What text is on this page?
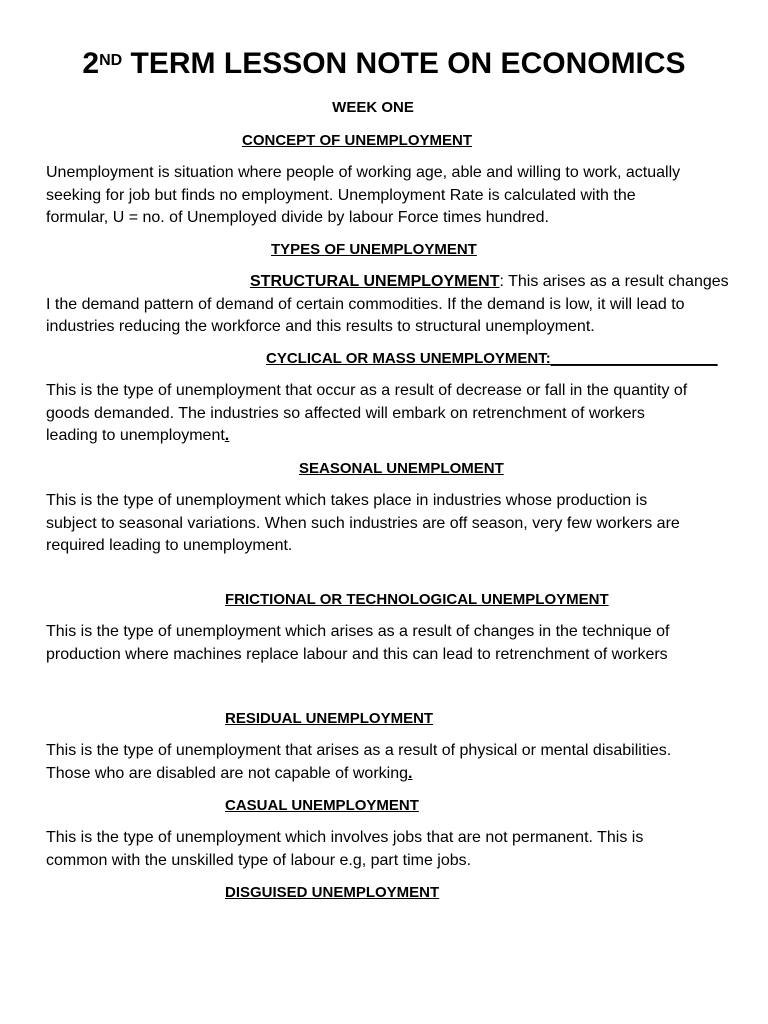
2ND TERM LESSON NOTE ON ECONOMICS
WEEK ONE
CONCEPT OF UNEMPLOYMENT
Unemployment is situation where people of working age, able and willing to work, actually
seeking for job but finds no employment. Unemployment Rate is calculated with the
formular, U = no. of Unemployed divide by labour Force times hundred.
TYPES OF UNEMPLOYMENT
STRUCTURAL UNEMPLOYMENT: This arises as a result changes
I the demand pattern of demand of certain commodities. If the demand is low, it will lead to
industries reducing the workforce and this results to structural unemployment.
CYCLICAL OR MASS UNEMPLOYMENT:____________________
This is the type of unemployment that occur as a result of decrease or fall in the quantity of
goods demanded. The industries so affected will embark on retrenchment of workers
leading to unemployment.
SEASONAL UNEMPLOMENT
This is the type of unemployment which takes place in industries whose production is
subject to seasonal variations. When such industries are off season, very few workers are
required leading to unemployment.
FRICTIONAL OR TECHNOLOGICAL UNEMPLOYMENT
This is the type of unemployment which arises as a result of changes in the technique of
production where machines replace labour and this can lead to retrenchment of workers
RESIDUAL UNEMPLOYMENT
This is the type of unemployment that arises as a result of physical or mental disabilities.
Those who are disabled are not capable of working.
CASUAL UNEMPLOYMENT
This is the type of unemployment which involves jobs that are not permanent. This is
common with the unskilled type of labour e.g, part time jobs.
DISGUISED UNEMPLOYMENT
